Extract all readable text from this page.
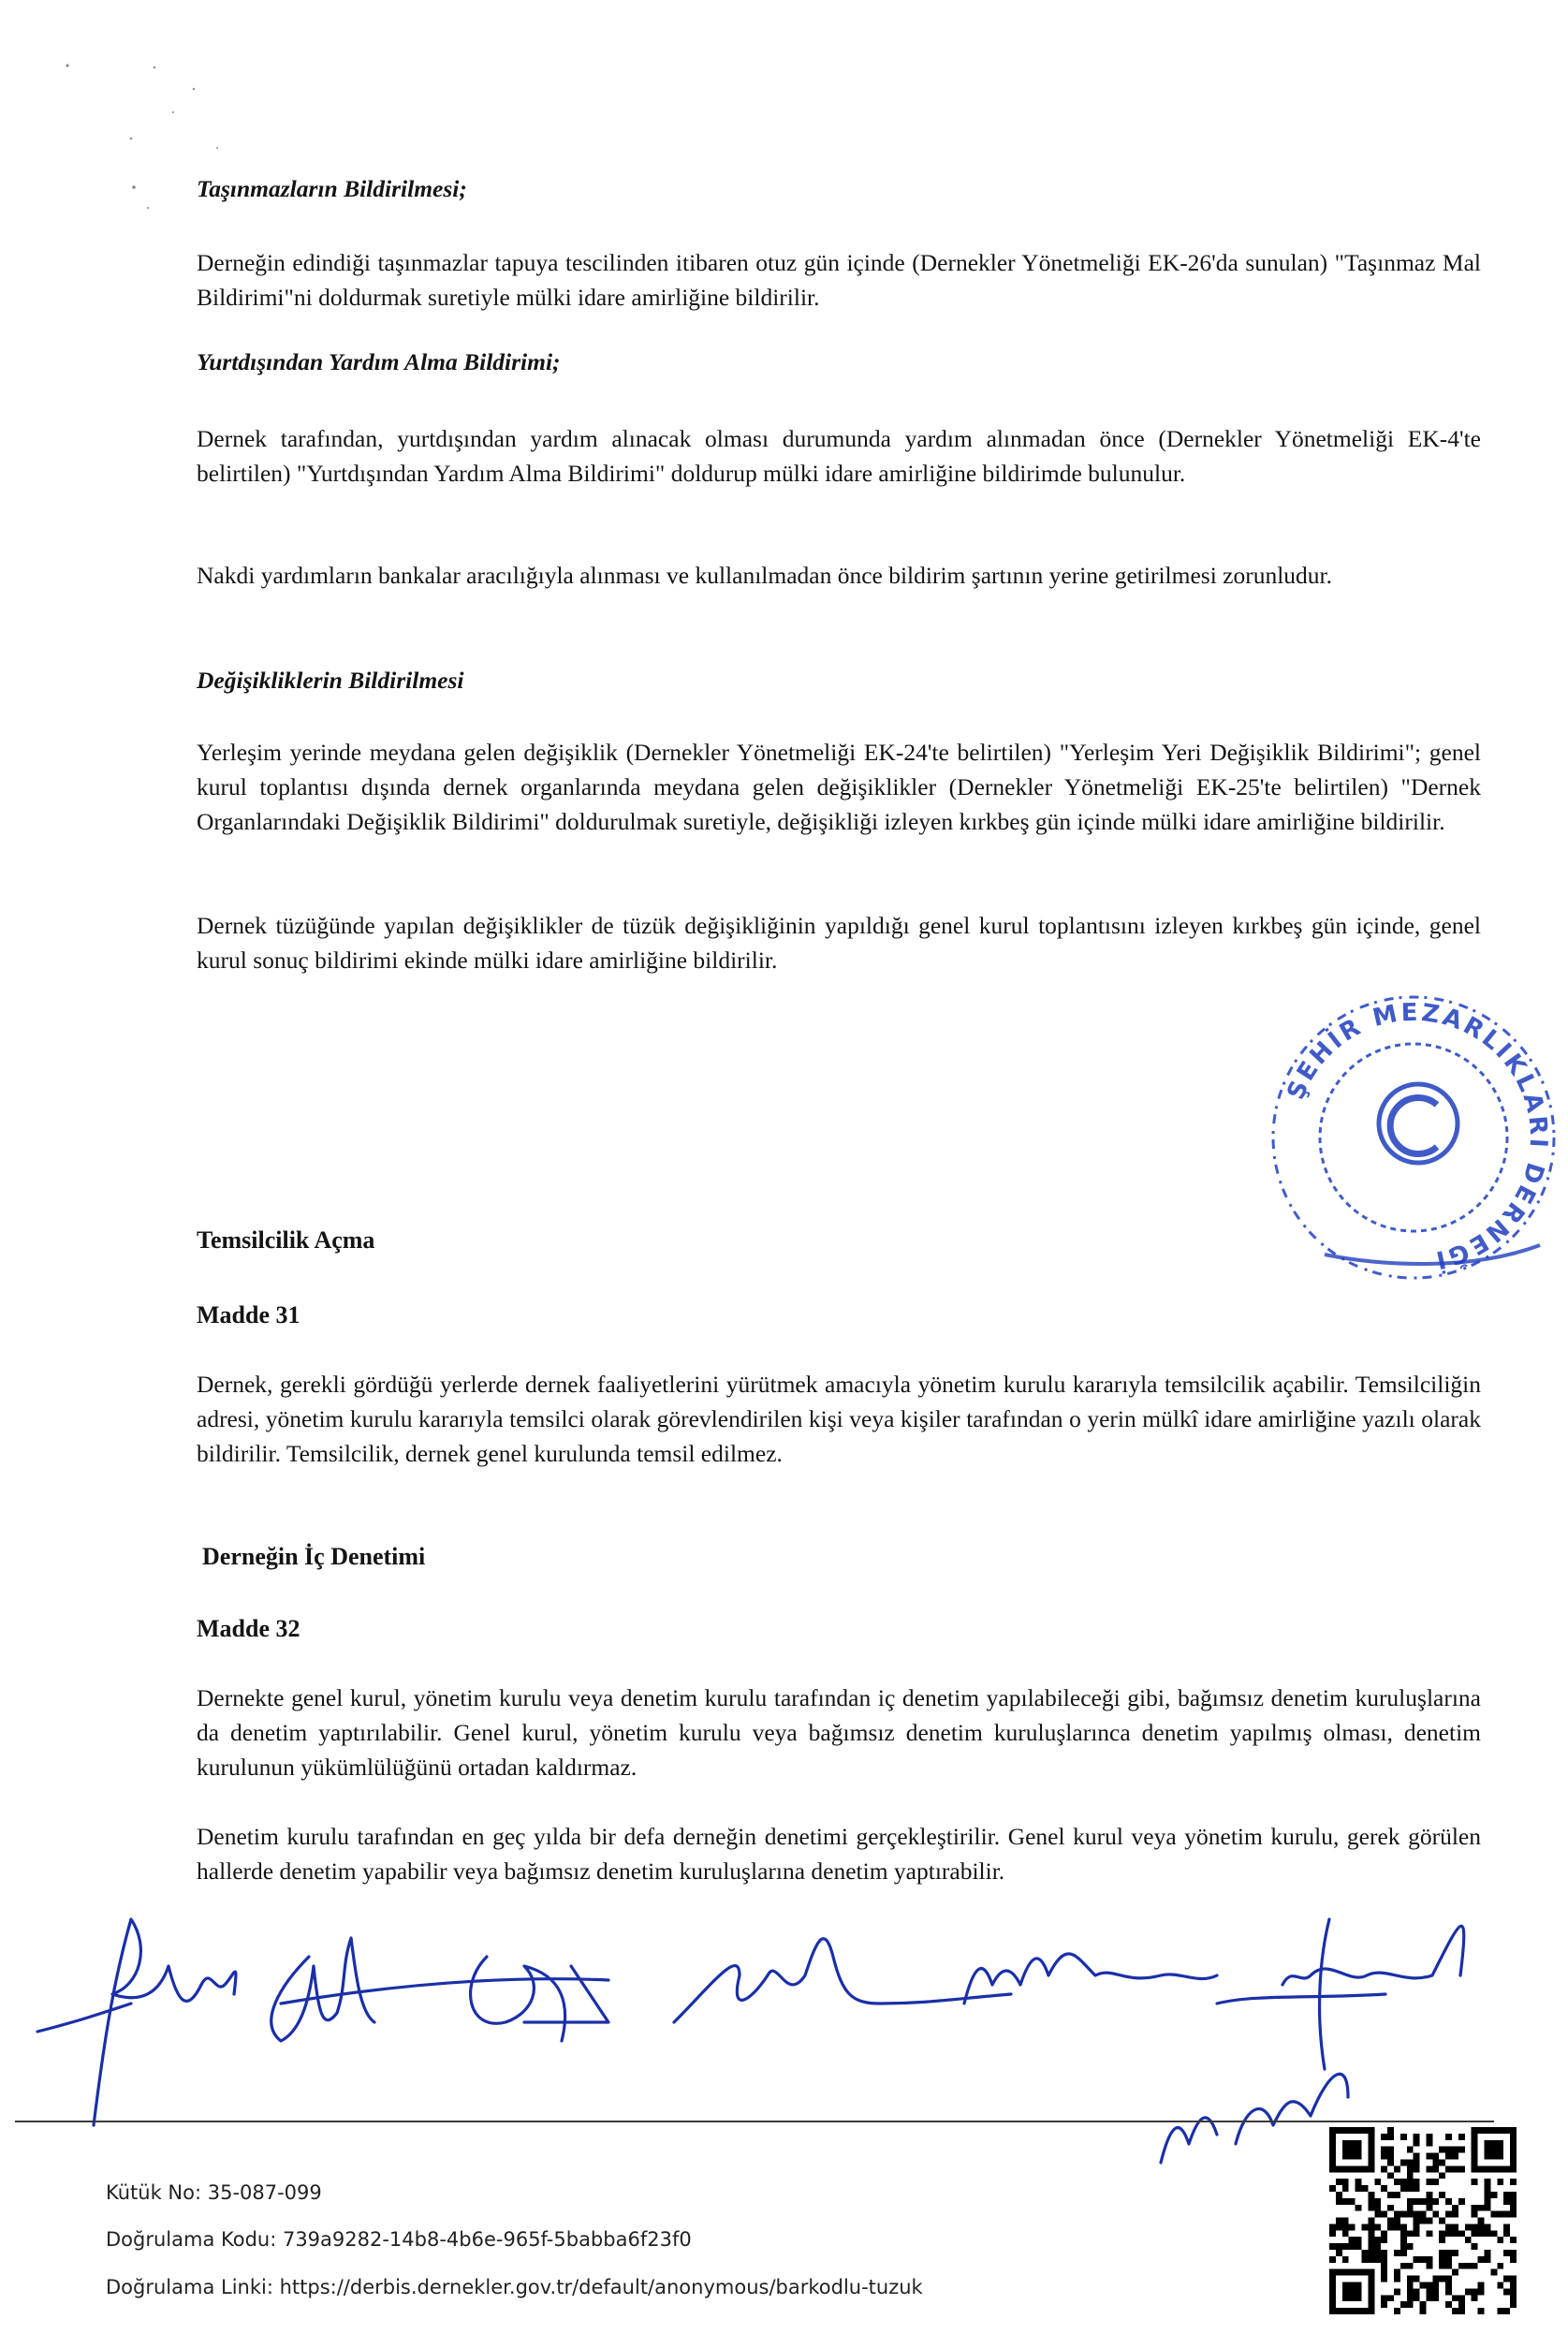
Taşınmazların Bildirilmesi;

Derneğin edindiği taşınmazlar tapuya tescilinden itibaren otuz gün içinde (Dernekler Yönetmeliği EK-26'da sunulan) "Taşınmaz Mal Bildirimi"ni doldurmak suretiyle mülki idare amirliğine bildirilir.

Yurtdışından Yardım Alma Bildirimi;

Dernek tarafından, yurtdışından yardım alınacak olması durumunda yardım alınmadan önce (Dernekler Yönetmeliği EK-4'te belirtilen) "Yurtdışından Yardım Alma Bildirimi" doldurup mülki idare amirliğine bildirimde bulunulur.

Nakdi yardımların bankalar aracılığıyla alınması ve kullanılmadan önce bildirim şartının yerine getirilmesi zorunludur.

Değişikliklerin Bildirilmesi

Yerleşim yerinde meydana gelen değişiklik (Dernekler Yönetmeliği EK-24'te belirtilen) "Yerleşim Yeri Değişiklik Bildirimi"; genel kurul toplantısı dışında dernek organlarında meydana gelen değişiklikler (Dernekler Yönetmeliği EK-25'te belirtilen) "Dernek Organlarındaki Değişiklik Bildirimi" doldurulmak suretiyle, değişikliği izleyen kırkbeş gün içinde mülki idare amirliğine bildirilir.

Dernek tüzüğünde yapılan değişiklikler de tüzük değişikliğinin yapıldığı genel kurul toplantısını izleyen kırkbeş gün içinde, genel kurul sonuç bildirimi ekinde mülki idare amirliğine bildirilir.

ŞEHİR MEZARLIKLARI DERNEĞİ
Temsilcilik Açma
Madde 31

Dernek, gerekli gördüğü yerlerde dernek faaliyetlerini yürütmek amacıyla yönetim kurulu kararıyla temsilcilik açabilir. Temsilciliğin adresi, yönetim kurulu kararıyla temsilci olarak görevlendirilen kişi veya kişiler tarafından o yerin mülkî idare amirliğine yazılı olarak bildirilir. Temsilcilik, dernek genel kurulunda temsil edilmez.

Derneğin İç Denetimi
Madde 32

Dernekte genel kurul, yönetim kurulu veya denetim kurulu tarafından iç denetim yapılabileceği gibi, bağımsız denetim kuruluşlarına da denetim yaptırılabilir. Genel kurul, yönetim kurulu veya bağımsız denetim kuruluşlarınca denetim yapılmış olması, denetim kurulunun yükümlülüğünü ortadan kaldırmaz.

Denetim kurulu tarafından en geç yılda bir defa derneğin denetimi gerçekleştirilir. Genel kurul veya yönetim kurulu, gerek görülen hallerde denetim yapabilir veya bağımsız denetim kuruluşlarına denetim yaptırabilir.

Kütük No: 35-087-099

Doğrulama Kodu: 739a9282-14b8-4b6e-965f-5babba6f23f0

Doğrulama Linki: https://derbis.dernekler.gov.tr/default/anonymous/barkodlu-tuzuk
